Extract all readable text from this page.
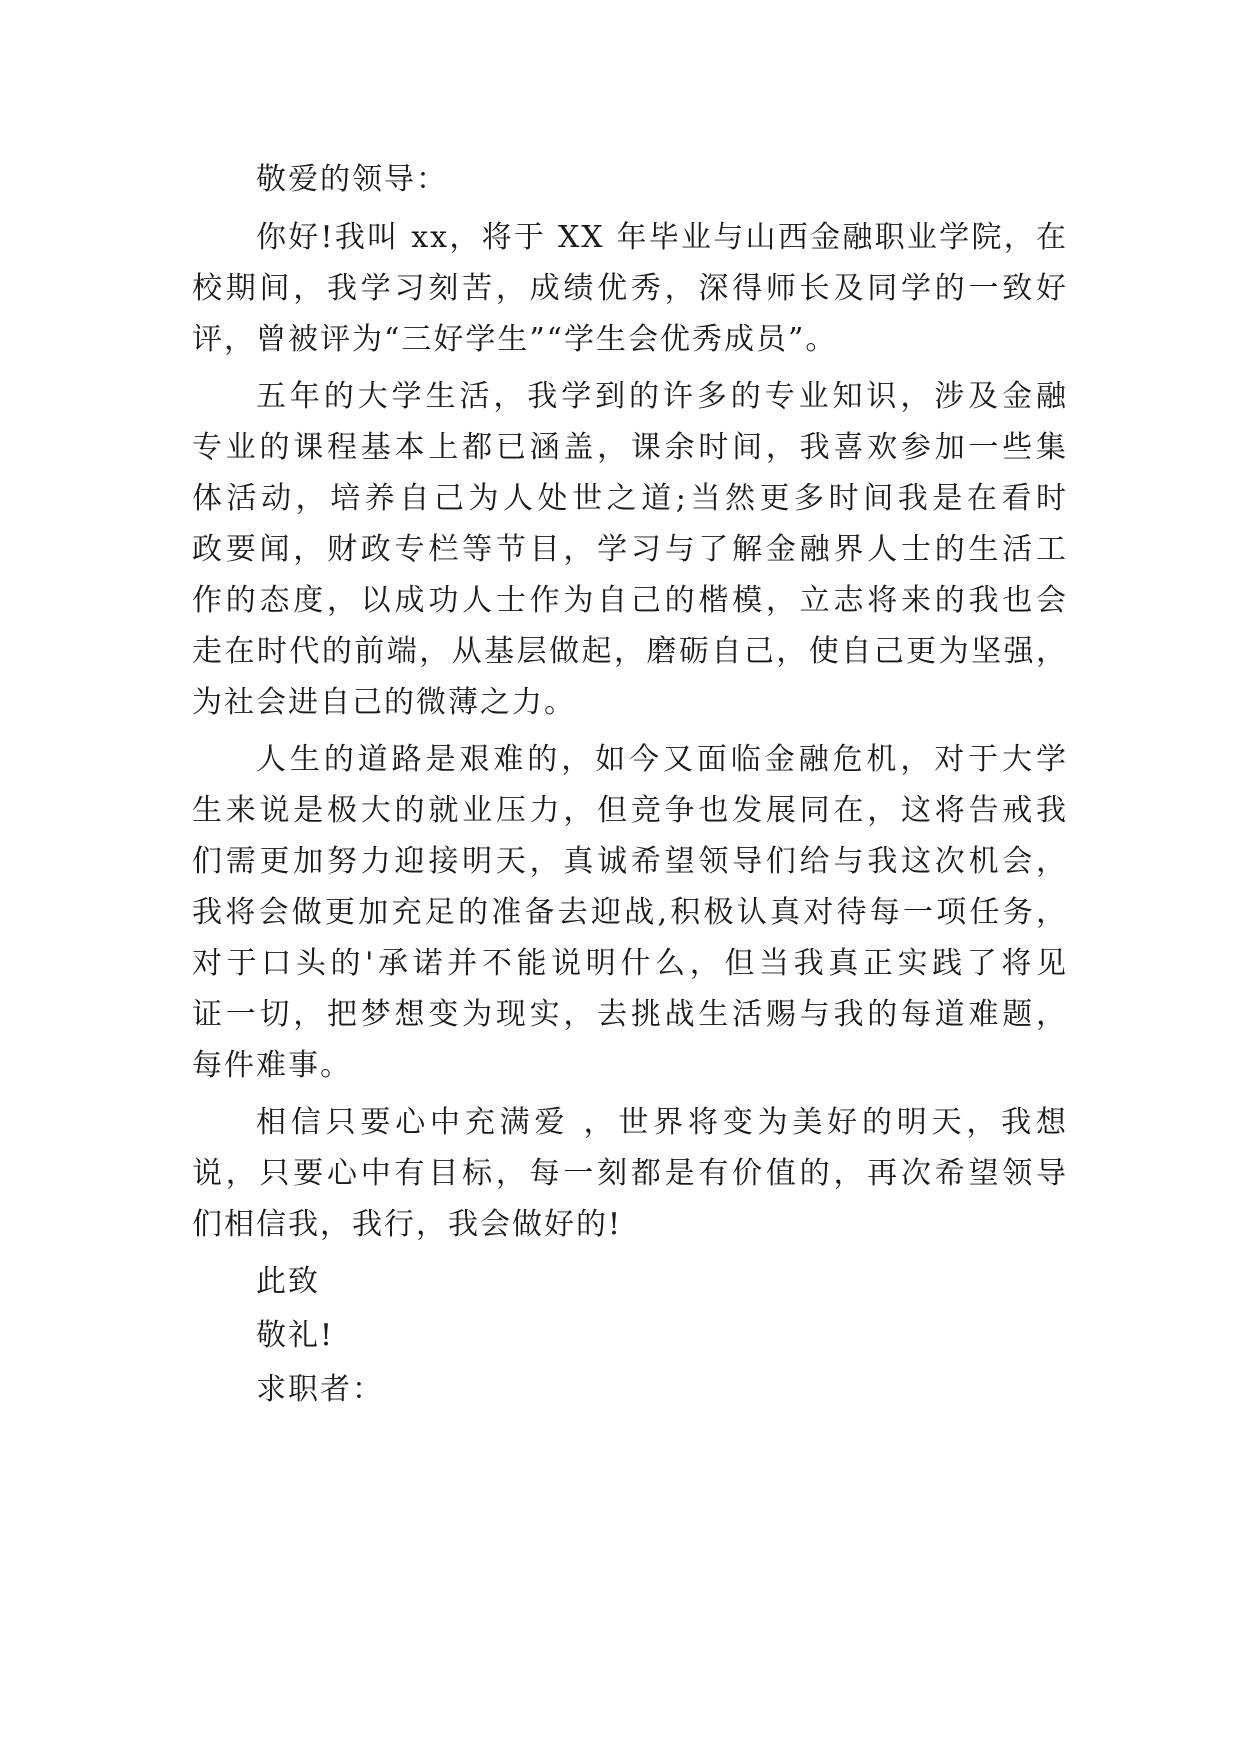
敬爱的领导：
你好!我叫 xx，将于 XX 年毕业与山西金融职业学院，在
校期间，我学习刻苦，成绩优秀，深得师长及同学的一致好
评，曾被评为“三好学生”“学生会优秀成员”。
五年的大学生活，我学到的许多的专业知识，涉及金融
专业的课程基本上都已涵盖，课余时间，我喜欢参加一些集
体活动，培养自己为人处世之道;当然更多时间我是在看时
政要闻，财政专栏等节目，学习与了解金融界人士的生活工
作的态度，以成功人士作为自己的楷模，立志将来的我也会
走在时代的前端，从基层做起，磨砺自己，使自己更为坚强，
为社会进自己的微薄之力。
人生的道路是艰难的，如今又面临金融危机，对于大学
生来说是极大的就业压力，但竞争也发展同在，这将告戒我
们需更加努力迎接明天，真诚希望领导们给与我这次机会，
我将会做更加充足的准备去迎战,积极认真对待每一项任务，
对于口头的'承诺并不能说明什么，但当我真正实践了将见
证一切，把梦想变为现实，去挑战生活赐与我的每道难题，
每件难事。
相信只要心中充满爱 ，世界将变为美好的明天，我想
说，只要心中有目标，每一刻都是有价值的，再次希望领导
们相信我，我行，我会做好的!
此致
敬礼!
求职者：
